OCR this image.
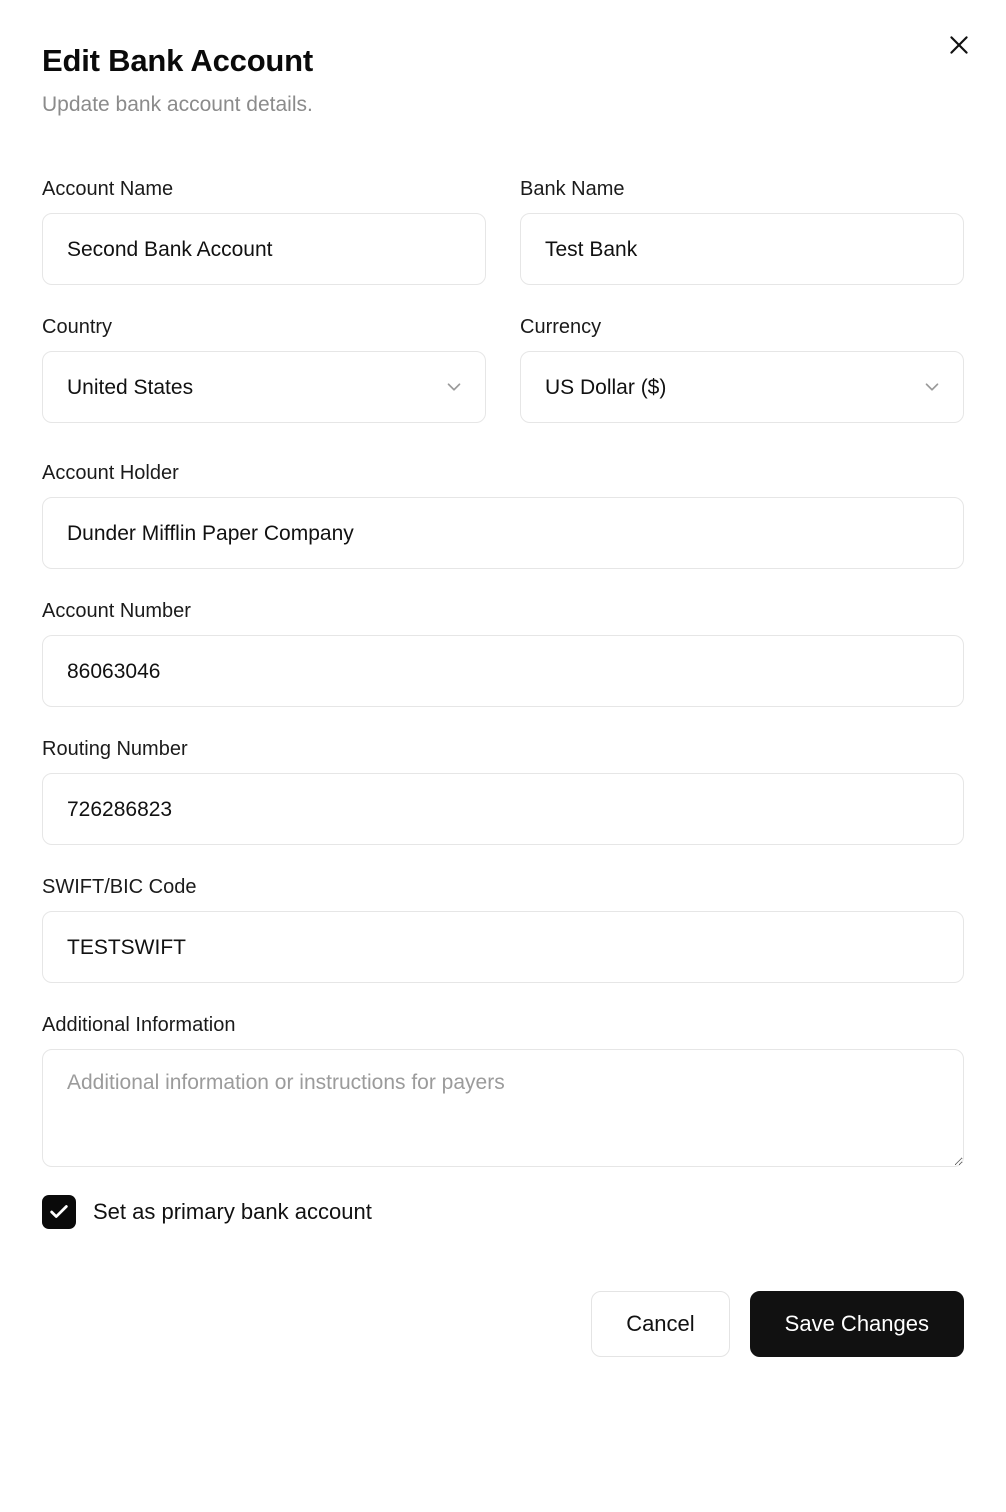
Edit Bank Account

Update bank account details.

Account Name
Second Bank Account
Bank Name
Test Bank
Country
United States
Currency
US Dollar ($)
Account Holder
Dunder Mifflin Paper Company
Account Number
86063046
Routing Number
726286823
SWIFT/BIC Code
TESTSWIFT
Additional Information
Additional information or instructions for payers
Set as primary bank account
Cancel	Save Changes
